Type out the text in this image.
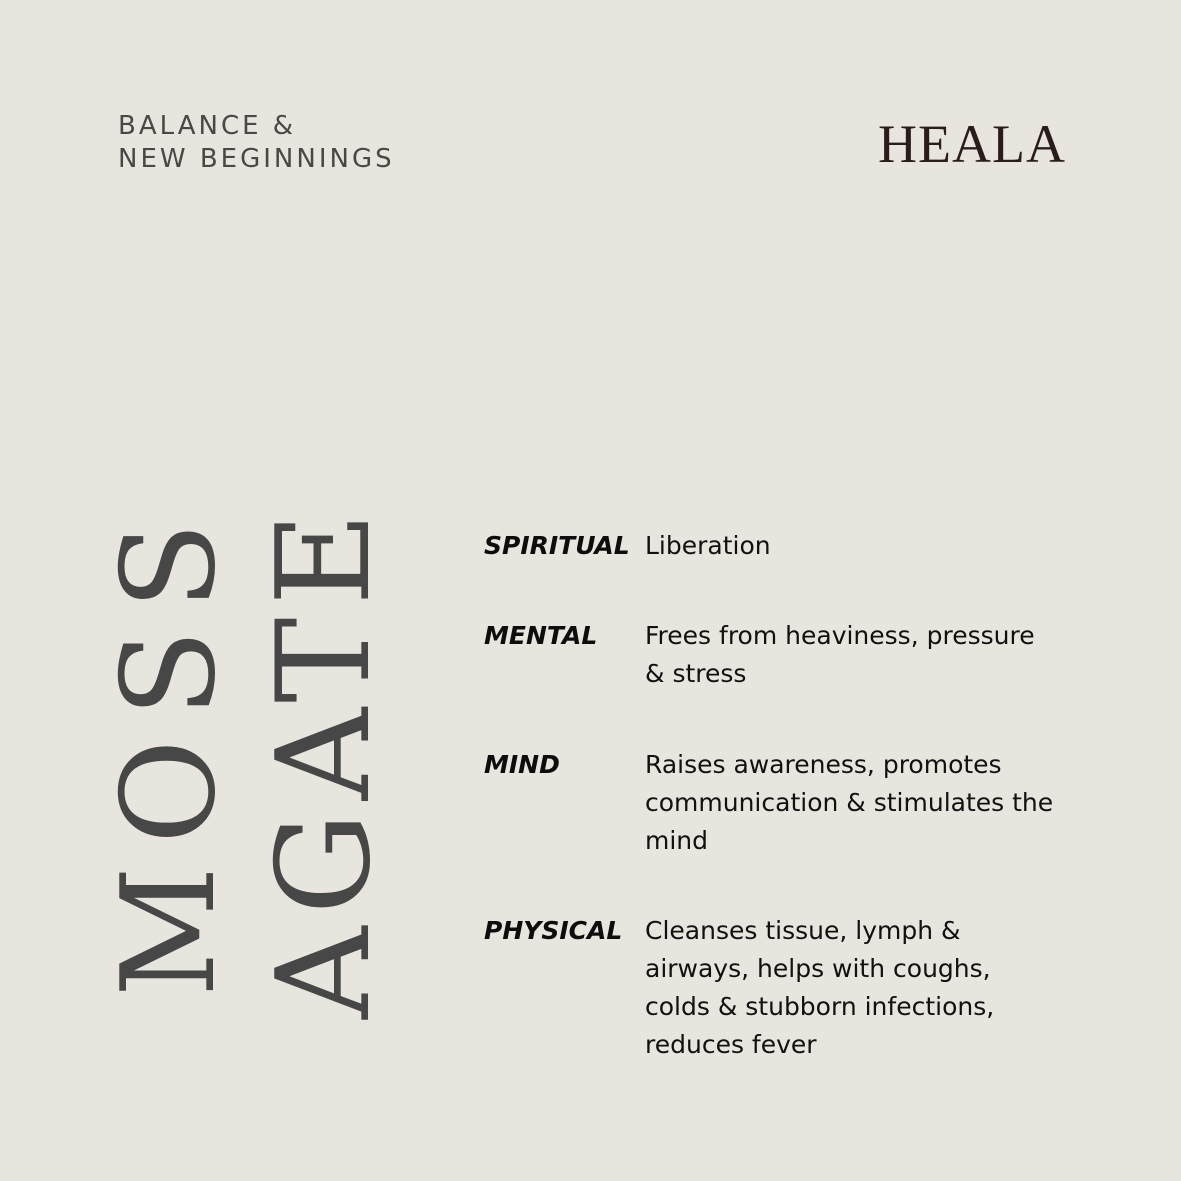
BALANCE &
NEW BEGINNINGS	HEALA
MOSS AGATE	SPIRITUAL Liberation
MENTAL	Frees from heaviness, pressure & stress
MIND	Raises awareness, promotes communication & stimulates the mind
PHYSICAL Cleanses tissue, lymph & airways, helps with coughs, colds & stubborn infections, reduces fever
